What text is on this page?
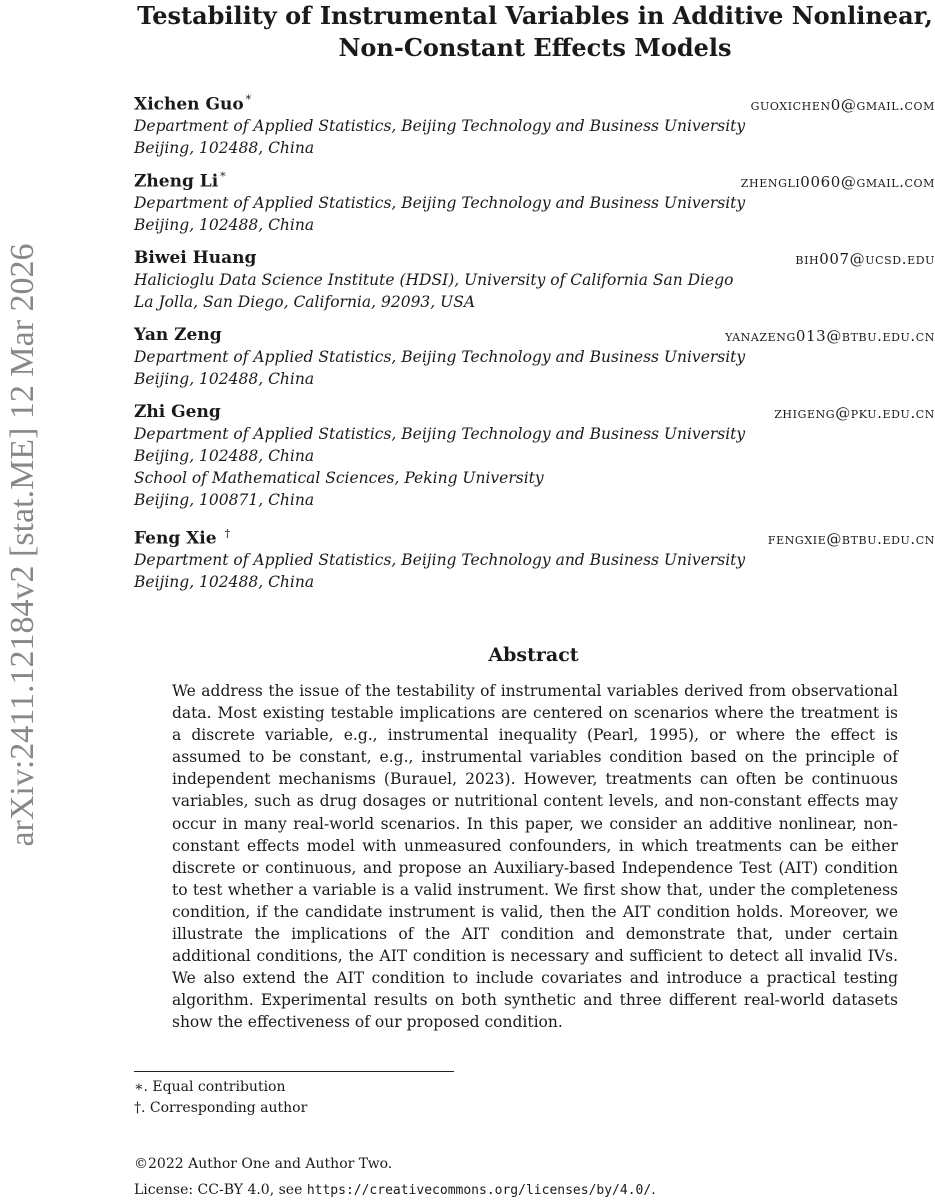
Testability of Instrumental Variables in Additive Nonlinear,
Non-Constant Effects Models
arXiv:2411.12184v2 [stat.ME] 12 Mar 2026
Xichen Guo *	guoxichen0@gmail.com
Department of Applied Statistics, Beijing Technology and Business University
Beijing, 102488, China
Zheng Li *	zhengli0060@gmail.com
Department of Applied Statistics, Beijing Technology and Business University
Beijing, 102488, China
Biwei Huang	bih007@ucsd.edu
Halicioglu Data Science Institute (HDSI), University of California San Diego
La Jolla, San Diego, California, 92093, USA
Yan Zeng	yanazeng013@btbu.edu.cn
Department of Applied Statistics, Beijing Technology and Business University
Beijing, 102488, China
Zhi Geng	zhigeng@pku.edu.cn
Department of Applied Statistics, Beijing Technology and Business University
Beijing, 102488, China
School of Mathematical Sciences, Peking University
Beijing, 100871, China
Feng Xie †	fengxie@btbu.edu.cn
Department of Applied Statistics, Beijing Technology and Business University
Beijing, 102488, China
Abstract
We address the issue of the testability of instrumental variables derived from observational data. Most existing testable implications are centered on scenarios where the treatment is a discrete variable, e.g., instrumental inequality (Pearl, 1995), or where the effect is assumed to be constant, e.g., instrumental variables condition based on the principle of independent mechanisms (Burauel, 2023). However, treatments can often be continuous variables, such as drug dosages or nutritional content levels, and non-constant effects may occur in many real-world scenarios. In this paper, we consider an additive nonlinear, non-constant effects model with unmeasured confounders, in which treatments can be either discrete or continuous, and propose an Auxiliary-based Independence Test (AIT) condition to test whether a variable is a valid instrument. We first show that, under the completeness condition, if the candidate instrument is valid, then the AIT condition holds. Moreover, we illustrate the implications of the AIT condition and demonstrate that, under certain additional conditions, the AIT condition is necessary and sufficient to detect all invalid IVs. We also extend the AIT condition to include covariates and introduce a practical testing algorithm. Experimental results on both synthetic and three different real-world datasets show the effectiveness of our proposed condition.
∗. Equal contribution
†. Corresponding author
©2022 Author One and Author Two.
License: CC-BY 4.0, see https://creativecommons.org/licenses/by/4.0/.
